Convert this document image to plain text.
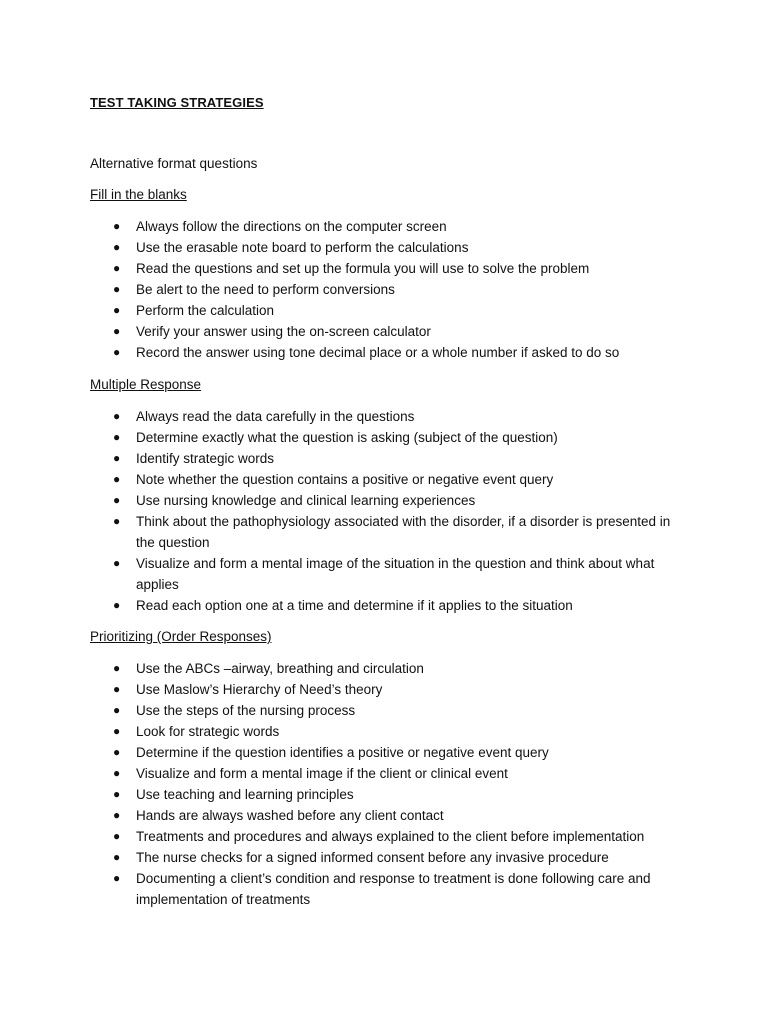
TEST TAKING STRATEGIES
Alternative format questions
Fill in the blanks
● Always follow the directions on the computer screen
● Use the erasable note board to perform the calculations
● Read the questions and set up the formula you will use to solve the problem
● Be alert to the need to perform conversions
● Perform the calculation
● Verify your answer using the on-screen calculator
● Record the answer using tone decimal place or a whole number if asked to do so
Multiple Response
● Always read the data carefully in the questions
● Determine exactly what the question is asking (subject of the question)
● Identify strategic words
● Note whether the question contains a positive or negative event query
● Use nursing knowledge and clinical learning experiences
● Think about the pathophysiology associated with the disorder, if a disorder is presented in the question
● Visualize and form a mental image of the situation in the question and think about what applies
● Read each option one at a time and determine if it applies to the situation
Prioritizing (Order Responses)
● Use the ABCs –airway, breathing and circulation
● Use Maslow’s Hierarchy of Need’s theory
● Use the steps of the nursing process
● Look for strategic words
● Determine if the question identifies a positive or negative event query
● Visualize and form a mental image if the client or clinical event
● Use teaching and learning principles
● Hands are always washed before any client contact
● Treatments and procedures and always explained to the client before implementation
● The nurse checks for a signed informed consent before any invasive procedure
● Documenting a client’s condition and response to treatment is done following care and implementation of treatments
